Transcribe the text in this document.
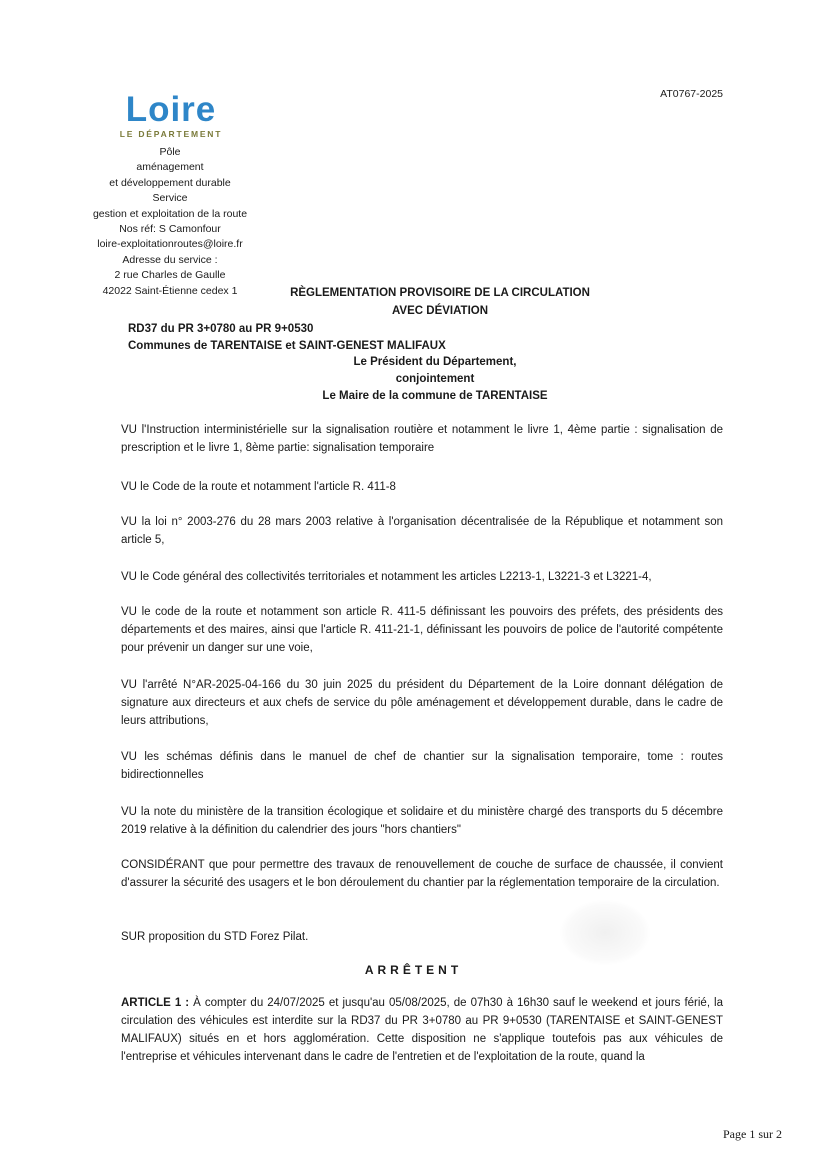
AT0767-2025
Loire
LE DÉPARTEMENT
Pôle
aménagement
et développement durable
Service
gestion et exploitation de la route
Nos réf: S Camonfour
loire-exploitationroutes@loire.fr
Adresse du service :
2 rue Charles de Gaulle
42022 Saint-Étienne cedex 1	RÈGLEMENTATION PROVISOIRE DE LA CIRCULATION
AVEC DÉVIATION
RD37 du PR 3+0780 au PR 9+0530
Communes de TARENTAISE et SAINT-GENEST MALIFAUX
Le Président du Département,
conjointement
Le Maire de la commune de TARENTAISE

VU l'Instruction interministérielle sur la signalisation routière et notamment le livre 1, 4ème partie : signalisation de prescription et le livre 1, 8ème partie: signalisation temporaire

VU le Code de la route et notamment l'article R. 411-8

VU la loi n° 2003-276 du 28 mars 2003 relative à l'organisation décentralisée de la République et notamment son article 5,

VU le Code général des collectivités territoriales et notamment les articles L2213-1, L3221-3 et L3221-4,

VU le code de la route et notamment son article R. 411-5 définissant les pouvoirs des préfets, des présidents des départements et des maires, ainsi que l'article R. 411-21-1, définissant les pouvoirs de police de l'autorité compétente pour prévenir un danger sur une voie,

VU l'arrêté N°AR-2025-04-166 du 30 juin 2025 du président du Département de la Loire donnant délégation de signature aux directeurs et aux chefs de service du pôle aménagement et développement durable, dans le cadre de leurs attributions,

VU les schémas définis dans le manuel de chef de chantier sur la signalisation temporaire, tome : routes bidirectionnelles

VU la note du ministère de la transition écologique et solidaire et du ministère chargé des transports du 5 décembre 2019 relative à la définition du calendrier des jours "hors chantiers"

CONSIDÉRANT que pour permettre des travaux de renouvellement de couche de surface de chaussée, il convient d'assurer la sécurité des usagers et le bon déroulement du chantier par la réglementation temporaire de la circulation.

SUR proposition du STD Forez Pilat.

ARRÊTENT
ARTICLE 1 : À compter du 24/07/2025 et jusqu'au 05/08/2025, de 07h30 à 16h30 sauf le weekend et jours férié, la circulation des véhicules est interdite sur la RD37 du PR 3+0780 au PR 9+0530 (TARENTAISE et SAINT-GENEST MALIFAUX) situés en et hors agglomération. Cette disposition ne s'applique toutefois pas aux véhicules de l'entreprise et véhicules intervenant dans le cadre de l'entretien et de l'exploitation de la route, quand la
Page 1 sur 2
